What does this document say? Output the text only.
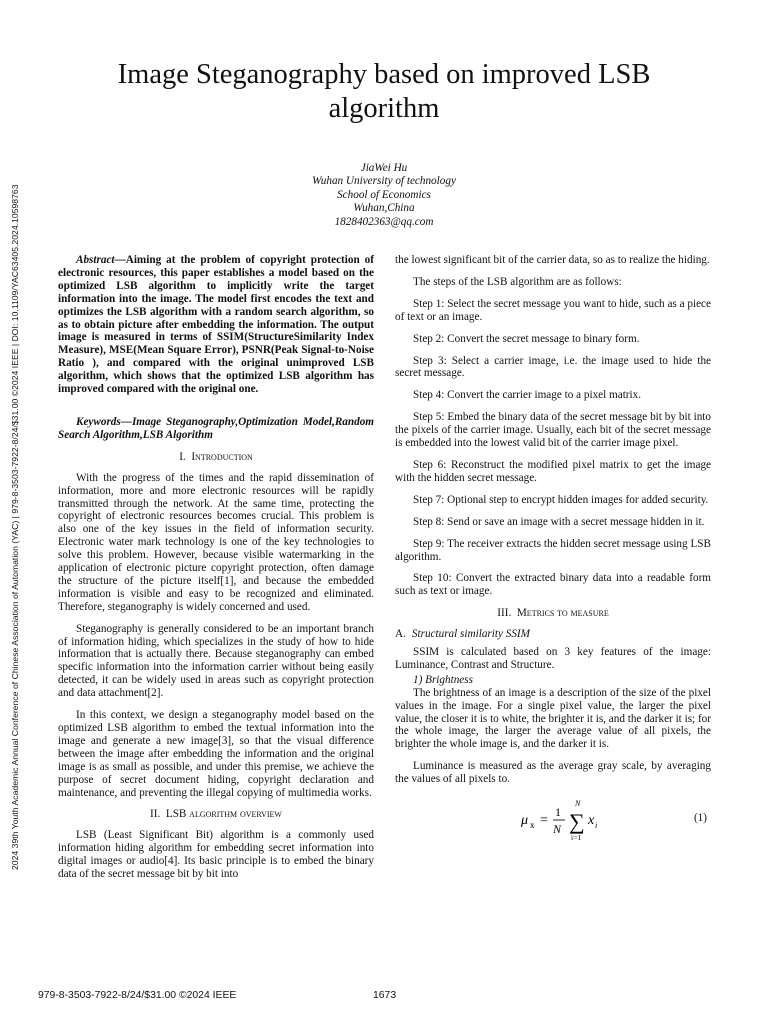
2024 39th Youth Academic Annual Conference of Chinese Association of Automation (YAC) | 979-8-3503-7922-8/24/$31.00 ©2024 IEEE | DOI: 10.1109/YAC63405.2024.10598763
Image Steganography based on improved LSB algorithm
JiaWei Hu
Wuhan University of technology
School of Economics
Wuhan,China
1828402363@qq.com

Abstract—Aiming at the problem of copyright protection of electronic resources, this paper establishes a model based on the optimized LSB algorithm to implicitly write the target information into the image. The model first encodes the text and optimizes the LSB algorithm with a random search algorithm, so as to obtain picture after embedding the information. The output image is measured in terms of SSIM(StructureSimilarity Index Measure), MSE(Mean Square Error), PSNR(Peak Signal-to-Noise Ratio ), and compared with the original unimproved LSB algorithm, which shows that the optimized LSB algorithm has improved compared with the original one.

Keywords—Image Steganography,Optimization Model,Random Search Algorithm,LSB Algorithm

I. Introduction

With the progress of the times and the rapid dissemination of information, more and more electronic resources will be rapidly transmitted through the network. At the same time, protecting the copyright of electronic resources becomes crucial. This problem is also one of the key issues in the field of information security. Electronic water mark technology is one of the key technologies to solve this problem. However, because visible watermarking in the application of electronic picture copyright protection, often damage the structure of the picture itself[1], and because the embedded information is visible and easy to be recognized and eliminated. Therefore, steganography is widely concerned and used.

Steganography is generally considered to be an important branch of information hiding, which specializes in the study of how to hide information that is actually there. Because steganography can embed specific information into the information carrier without being easily detected, it can be widely used in areas such as copyright protection and data attachment[2].

In this context, we design a steganography model based on the optimized LSB algorithm to embed the textual information into the image and generate a new image[3], so that the visual difference between the image after embedding the information and the original image is as small as possible, and under this premise, we achieve the purpose of secret document hiding, copyright declaration and maintenance, and preventing the illegal copying of multimedia works.

II. LSB algorithm overview

LSB (Least Significant Bit) algorithm is a commonly used information hiding algorithm for embedding secret information into digital images or audio[4]. Its basic principle is to embed the binary data of the secret message bit by bit into

the lowest significant bit of the carrier data, so as to realize the hiding.

The steps of the LSB algorithm are as follows:

Step 1: Select the secret message you want to hide, such as a piece of text or an image.

Step 2: Convert the secret message to binary form.

Step 3: Select a carrier image, i.e. the image used to hide the secret message.

Step 4: Convert the carrier image to a pixel matrix.

Step 5: Embed the binary data of the secret message bit by bit into the pixels of the carrier image. Usually, each bit of the secret message is embedded into the lowest valid bit of the carrier image pixel.

Step 6: Reconstruct the modified pixel matrix to get the image with the hidden secret message.

Step 7: Optional step to encrypt hidden images for added security.

Step 8: Send or save an image with a secret message hidden in it.

Step 9: The receiver extracts the hidden secret message using LSB algorithm.

Step 10: Convert the extracted binary data into a readable form such as text or image.

III. Metrics to measure
A. Structural similarity SSIM

SSIM is calculated based on 3 key features of the image: Luminance, Contrast and Structure.

1) Brightness

The brightness of an image is a description of the size of the pixel values in the image. For a single pixel value, the larger the pixel value, the closer it is to white, the brighter it is, and the darker it is; for the whole image, the larger the average value of all pixels, the brighter the whole image is, and the darker it is.

Luminance is measured as the average gray scale, by averaging the values of all pixels to.

μ x =
1
N
N
∑
i=1
x i
(1)
979-8-3503-7922-8/24/$31.00 ©2024 IEEE	1673
